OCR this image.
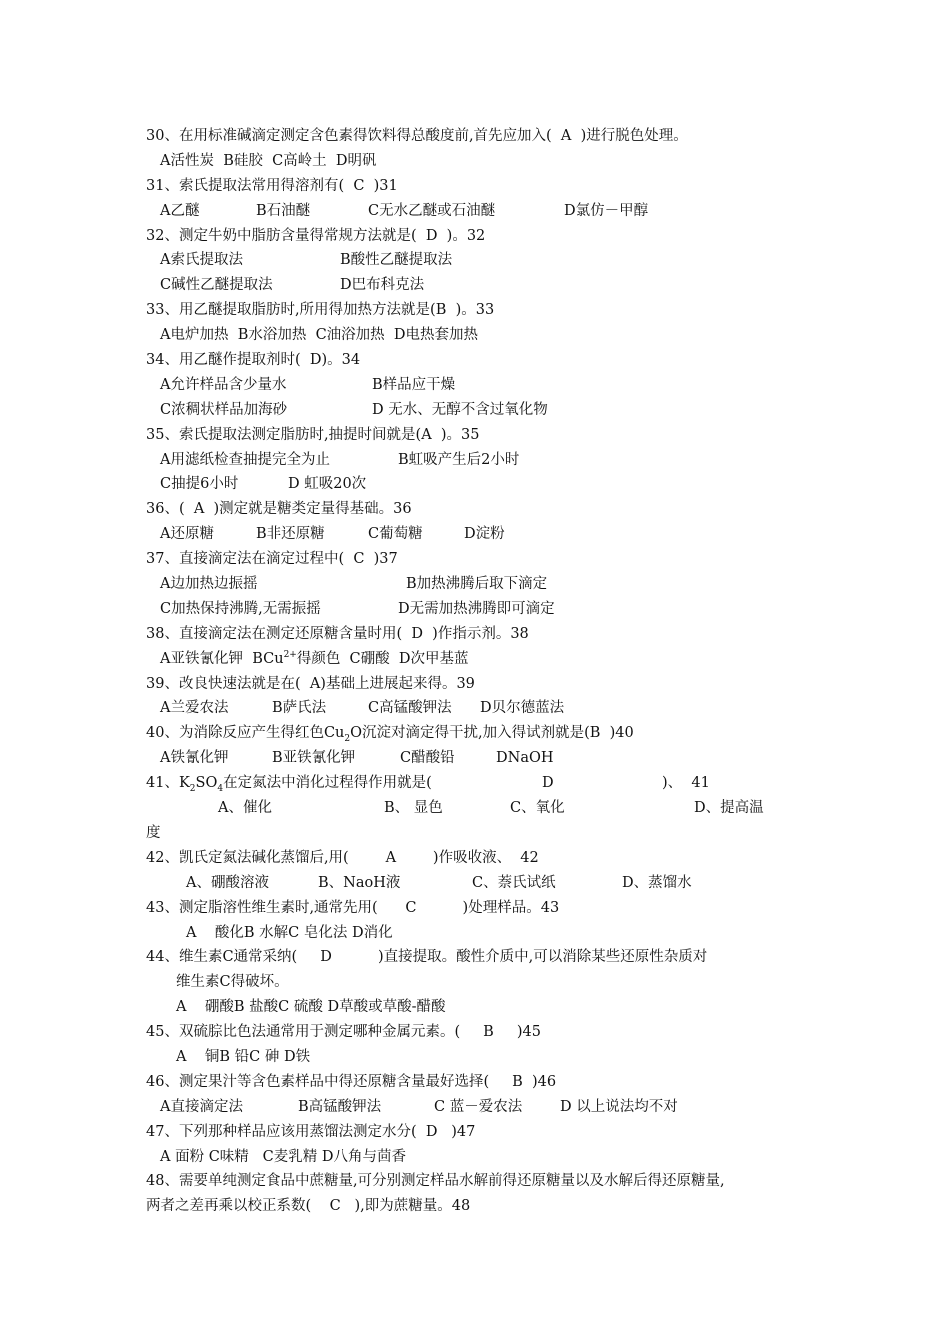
30、在用标准碱滴定测定含色素得饮料得总酸度前,首先应加入(  A  )进行脱色处理。
A活性炭  B硅胶  C高岭土  D明矾
31、索氏提取法常用得溶剂有(  C  )31
A乙醚	B石油醚	C无水乙醚或石油醚	D氯仿－甲醇
32、测定牛奶中脂肪含量得常规方法就是(  D  )。32
A索氏提取法	B酸性乙醚提取法
C碱性乙醚提取法	D巴布科克法
33、用乙醚提取脂肪时,所用得加热方法就是(B  )。33
A电炉加热  B水浴加热  C油浴加热  D电热套加热
34、用乙醚作提取剂时(  D)。34
A允许样品含少量水	B样品应干燥
C浓稠状样品加海砂	D 无水、无醇不含过氧化物
35、索氏提取法测定脂肪时,抽提时间就是(A  )。35
A用滤纸检查抽提完全为止	B虹吸产生后2小时
C抽提6小时	D 虹吸20次
36、(  A  )测定就是糖类定量得基础。36
A还原糖	B非还原糖	C葡萄糖	D淀粉
37、直接滴定法在滴定过程中(  C  )37
A边加热边振摇	B加热沸腾后取下滴定
C加热保持沸腾,无需振摇	D无需加热沸腾即可滴定
38、直接滴定法在测定还原糖含量时用(  D  )作指示剂。38
A亚铁氰化钾  BCu$^{2+}$得颜色  C硼酸  D次甲基蓝
39、改良快速法就是在(  A)基础上进展起来得。39
A兰爱农法	B萨氏法	C高锰酸钾法	D贝尔德蓝法
40、为消除反应产生得红色$Cu_2O$沉淀对滴定得干扰,加入得试剂就是(B  )40
A铁氰化钾	B亚铁氰化钾	C醋酸铅	DNaOH
41、$K_2SO_4$在定氮法中消化过程得作用就是(	D	)、  41
A、催化	B、 显色	C、氧化	D、提高温
度
42、凯氏定氮法碱化蒸馏后,用(        A        )作吸收液、  42
A、硼酸溶液	B、NaoH液	C、萘氏试纸	D、蒸馏水
43、测定脂溶性维生素时,通常先用(      C          )处理样品。43
A    酸化B 水解C 皂化法 D消化
44、维生素C通常采纳(     D          )直接提取。酸性介质中,可以消除某些还原性杂质对
维生素C得破坏。
A    硼酸B 盐酸C 硫酸 D草酸或草酸-醋酸
45、双硫腙比色法通常用于测定哪种金属元素。(     B     )45
A    铜B 铅C 砷 D铁
46、测定果汁等含色素样品中得还原糖含量最好选择(     B  )46
A直接滴定法	B高锰酸钾法	C 蓝－爱农法	D 以上说法均不对
47、下列那种样品应该用蒸馏法测定水分(  D   )47
A 面粉 C味精   C麦乳精 D八角与茴香
48、需要单纯测定食品中蔗糖量,可分别测定样品水解前得还原糖量以及水解后得还原糖量,
两者之差再乘以校正系数(    C   ),即为蔗糖量。48
